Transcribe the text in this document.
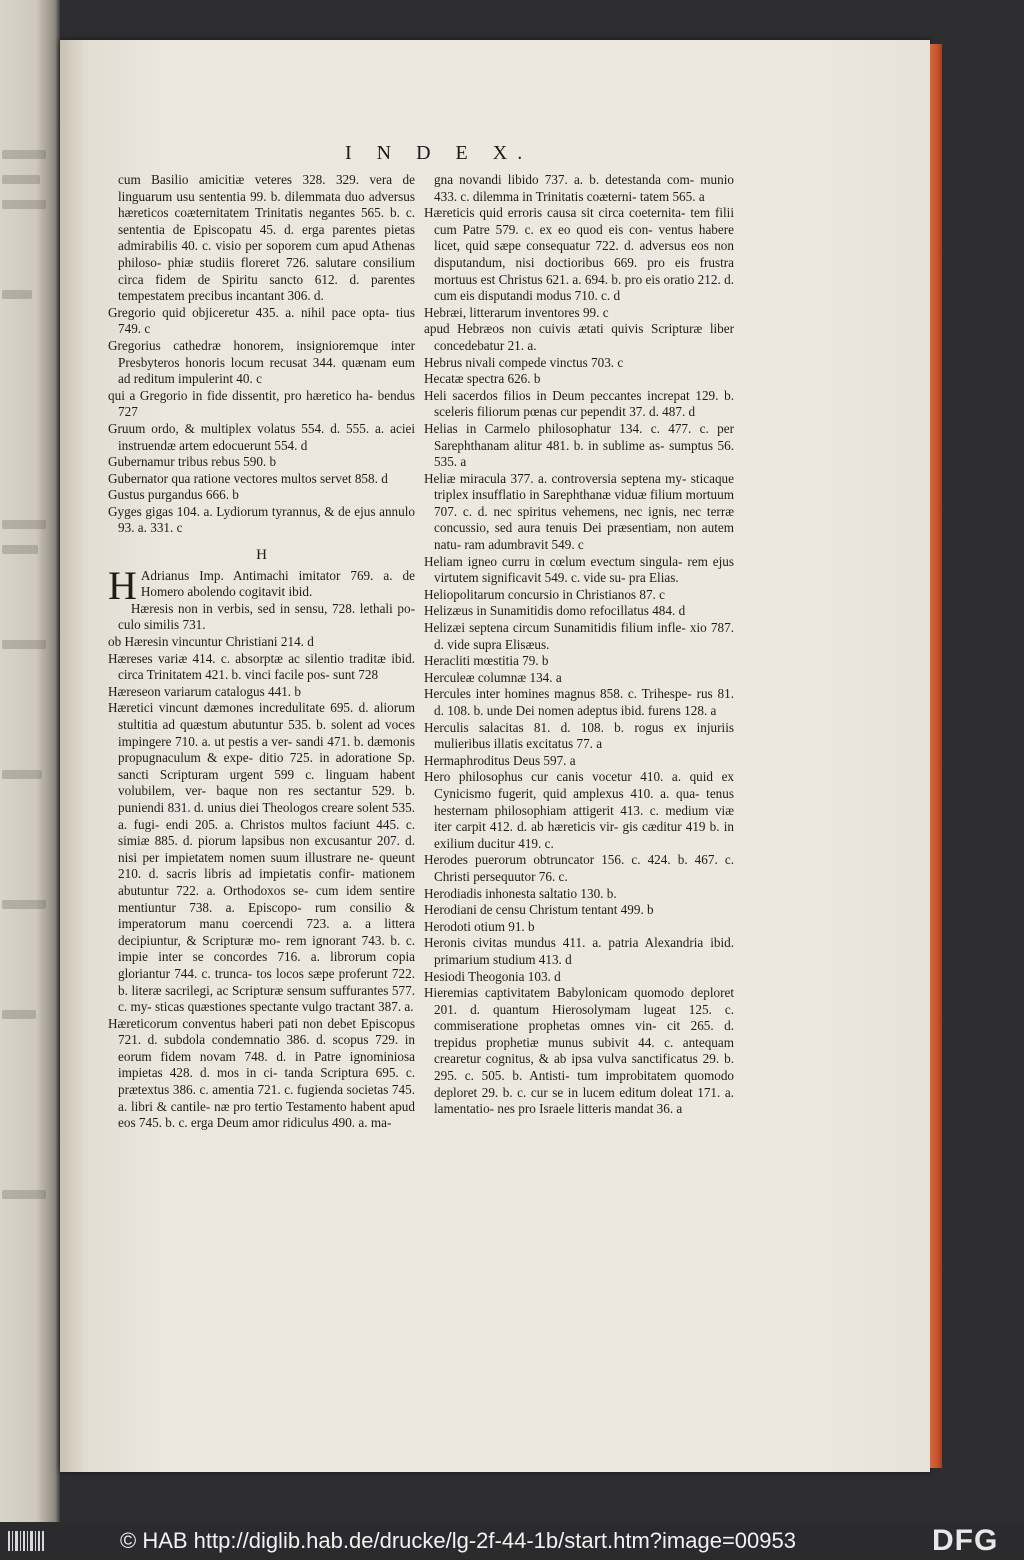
I N D E X.

cum Basilio amicitiæ veteres 328. 329. vera de linguarum usu sententia 99. b. dilemmata duo adversus hæreticos coæternitatem Trinitatis negantes 565. b. c. sententia de Episcopatu 45. d. erga parentes pietas admirabilis 40. c. visio per soporem cum apud Athenas philoso- phiæ studiis floreret 726. salutare consilium circa fidem de Spiritu sancto 612. d. parentes tempestatem precibus incantant 306. d.

Gregorio quid objiceretur 435. a. nihil pace opta- tius 749. c

Gregorius cathedræ honorem, insignioremque inter Presbyteros honoris locum recusat 344. quænam eum ad reditum impulerint 40. c

qui a Gregorio in fide dissentit, pro hæretico ha- bendus 727

Gruum ordo, & multiplex volatus 554. d. 555. a. aciei instruendæ artem edocuerunt 554. d

Gubernamur tribus rebus 590. b

Gubernator qua ratione vectores multos servet 858. d

Gustus purgandus 666. b

Gyges gigas 104. a. Lydiorum tyrannus, & de ejus annulo 93. a. 331. c

H

H Adrianus Imp. Antimachi imitator 769. a. de Homero abolendo cogitavit ibid.

Hæresis non in verbis, sed in sensu, 728. lethali po- culo similis 731.

ob Hæresin vincuntur Christiani 214. d

Hæreses variæ 414. c. absorptæ ac silentio traditæ ibid. circa Trinitatem 421. b. vinci facile pos- sunt 728

Hæreseon variarum catalogus 441. b

Hæretici vincunt dæmones incredulitate 695. d. aliorum stultitia ad quæstum abutuntur 535. b. solent ad voces impingere 710. a. ut pestis a ver- sandi 471. b. dæmonis propugnaculum & expe- ditio 725. in adoratione Sp. sancti Scripturam urgent 599 c. linguam habent volubilem, ver- baque non res sectantur 529. b. puniendi 831. d. unius diei Theologos creare solent 535. a. fugi- endi 205. a. Christos multos faciunt 445. c. simiæ 885. d. piorum lapsibus non excusantur 207. d. nisi per impietatem nomen suum illustrare ne- queunt 210. d. sacris libris ad impietatis confir- mationem abutuntur 722. a. Orthodoxos se- cum idem sentire mentiuntur 738. a. Episcopo- rum consilio & imperatorum manu coercendi 723. a. a littera decipiuntur, & Scripturæ mo- rem ignorant 743. b. c. impie inter se concordes 716. a. librorum copia gloriantur 744. c. trunca- tos locos sæpe proferunt 722. b. literæ sacrilegi, ac Scripturæ sensum suffurantes 577. c. my- sticas quæstiones spectante vulgo tractant 387. a.

Hæreticorum conventus haberi pati non debet Episcopus 721. d. subdola condemnatio 386. d. scopus 729. in eorum fidem novam 748. d. in Patre ignominiosa impietas 428. d. mos in ci- tanda Scriptura 695. c. prætextus 386. c. amentia 721. c. fugienda societas 745. a. libri & cantile- næ pro tertio Testamento habent apud eos 745. b. c. erga Deum amor ridiculus 490. a. ma-

gna novandi libido 737. a. b. detestanda com- munio 433. c. dilemma in Trinitatis coæterni- tatem 565. a

Hæreticis quid erroris causa sit circa coeternita- tem filii cum Patre 579. c. ex eo quod eis con- ventus habere licet, quid sæpe consequatur 722. d. adversus eos non disputandum, nisi doctioribus 669. pro eis frustra mortuus est Christus 621. a. 694. b. pro eis oratio 212. d. cum eis disputandi modus 710. c. d

Hebræi, litterarum inventores 99. c

apud Hebræos non cuivis ætati quivis Scripturæ liber concedebatur 21. a.

Hebrus nivali compede vinctus 703. c

Hecatæ spectra 626. b

Heli sacerdos filios in Deum peccantes increpat 129. b. sceleris filiorum pœnas cur pependit 37. d. 487. d

Helias in Carmelo philosophatur 134. c. 477. c. per Sarephthanam alitur 481. b. in sublime as- sumptus 56. 535. a

Heliæ miracula 377. a. controversia septena my- sticaque triplex insufflatio in Sarephthanæ viduæ filium mortuum 707. c. d. nec spiritus vehemens, nec ignis, nec terræ concussio, sed aura tenuis Dei præsentiam, non autem natu- ram adumbravit 549. c

Heliam igneo curru in cœlum evectum singula- rem ejus virtutem significavit 549. c. vide su- pra Elias.

Heliopolitarum concursio in Christianos 87. c

Helizæus in Sunamitidis domo refocillatus 484. d

Helizæi septena circum Sunamitidis filium infle- xio 787. d. vide supra Elisæus.

Heracliti mœstitia 79. b

Herculeæ columnæ 134. a

Hercules inter homines magnus 858. c. Trihespe- rus 81. d. 108. b. unde Dei nomen adeptus ibid. furens 128. a

Herculis salacitas 81. d. 108. b. rogus ex injuriis mulieribus illatis excitatus 77. a

Hermaphroditus Deus 597. a

Hero philosophus cur canis vocetur 410. a. quid ex Cynicismo fugerit, quid amplexus 410. a. qua- tenus hesternam philosophiam attigerit 413. c. medium viæ iter carpit 412. d. ab hæreticis vir- gis cæditur 419 b. in exilium ducitur 419. c.

Herodes puerorum obtruncator 156. c. 424. b. 467. c. Christi persequutor 76. c.

Herodiadis inhonesta saltatio 130. b.

Herodiani de censu Christum tentant 499. b

Herodoti otium 91. b

Heronis civitas mundus 411. a. patria Alexandria ibid. primarium studium 413. d

Hesiodi Theogonia 103. d

Hieremias captivitatem Babylonicam quomodo deploret 201. d. quantum Hierosolymam lugeat 125. c. commiseratione prophetas omnes vin- cit 265. d. trepidus prophetiæ munus subivit 44. c. antequam crearetur cognitus, & ab ipsa vulva sanctificatus 29. b. 295. c. 505. b. Antisti- tum improbitatem quomodo deploret 29. b. c. cur se in lucem editum doleat 171. a. lamentatio- nes pro Israele litteris mandat 36. a

© HAB http://diglib.hab.de/drucke/lg-2f-44-1b/start.htm?image=00953	DFG
